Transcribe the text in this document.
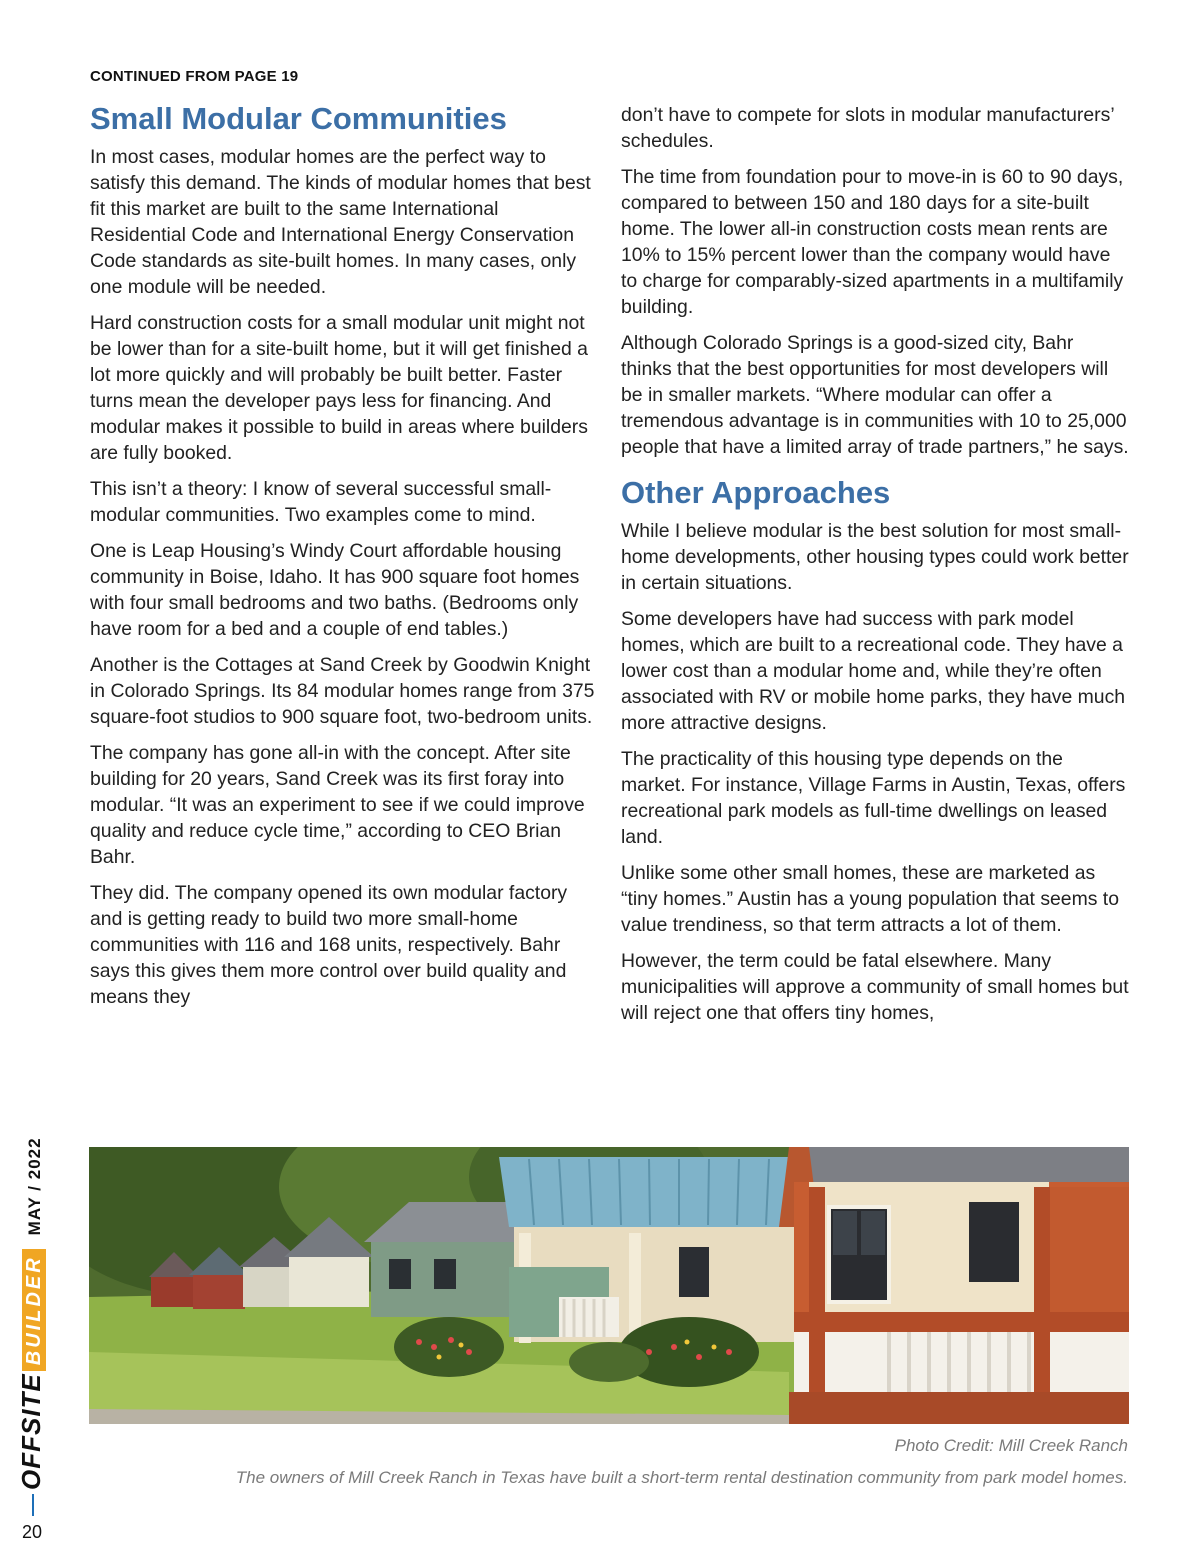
CONTINUED FROM PAGE 19
Small Modular Communities

In most cases, modular homes are the perfect way to satisfy this demand. The kinds of modular homes that best fit this market are built to the same International Residential Code and International Energy Conservation Code standards as site-built homes. In many cases, only one module will be needed.

Hard construction costs for a small modular unit might not be lower than for a site-built home, but it will get finished a lot more quickly and will probably be built better. Faster turns mean the developer pays less for financing. And modular makes it possible to build in areas where builders are fully booked.

This isn’t a theory: I know of several successful small-modular communities. Two examples come to mind.

One is Leap Housing’s Windy Court affordable housing community in Boise, Idaho. It has 900 square foot homes with four small bedrooms and two baths. (Bedrooms only have room for a bed and a couple of end tables.)

Another is the Cottages at Sand Creek by Goodwin Knight in Colorado Springs. Its 84 modular homes range from 375 square-foot studios to 900 square foot, two-bedroom units.

The company has gone all-in with the concept. After site building for 20 years, Sand Creek was its first foray into modular. “It was an experiment to see if we could improve quality and reduce cycle time,” according to CEO Brian Bahr.

They did. The company opened its own modular factory and is getting ready to build two more small-home communities with 116 and 168 units, respectively. Bahr says this gives them more control over build quality and means they

don’t have to compete for slots in modular manufacturers’ schedules.

The time from foundation pour to move-in is 60 to 90 days, compared to between 150 and 180 days for a site-built home. The lower all-in construction costs mean rents are 10% to 15% percent lower than the company would have to charge for comparably-sized apartments in a multifamily building.

Although Colorado Springs is a good-sized city, Bahr thinks that the best opportunities for most developers will be in smaller markets. “Where modular can offer a tremendous advantage is in communities with 10 to 25,000 people that have a limited array of trade partners,” he says.

Other Approaches

While I believe modular is the best solution for most small-home developments, other housing types could work better in certain situations.

Some developers have had success with park model homes, which are built to a recreational code. They have a lower cost than a modular home and, while they’re often associated with RV or mobile home parks, they have much more attractive designs.

The practicality of this housing type depends on the market. For instance, Village Farms in Austin, Texas, offers recreational park models as full-time dwellings on leased land.

Unlike some other small homes, these are marketed as “tiny homes.” Austin has a young population that seems to value trendiness, so that term attracts a lot of them.

However, the term could be fatal elsewhere. Many municipalities will approve a community of small homes but will reject one that offers tiny homes,

Photo Credit: Mill Creek Ranch
The owners of Mill Creek Ranch in Texas have built a short-term rental destination community from park model homes.
OFFSITEBUILDERMAY / 2022
20
